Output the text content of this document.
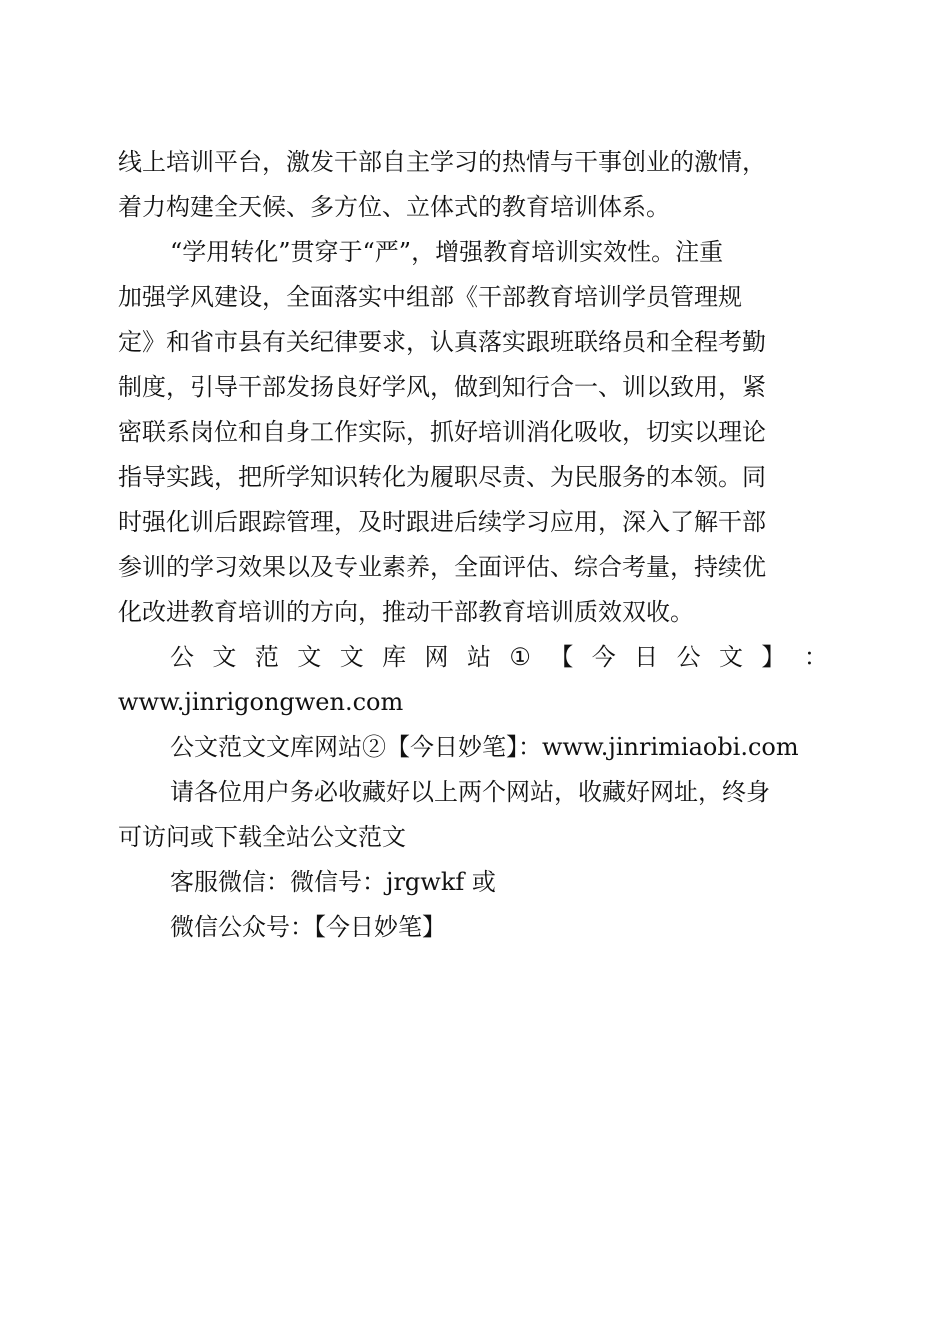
线上培训平台，激发干部自主学习的热情与干事创业的激情，
着力构建全天候、多方位、立体式的教育培训体系。
“学用转化”贯穿于“严”，增强教育培训实效性。注重
加强学风建设，全面落实中组部《干部教育培训学员管理规
定》和省市县有关纪律要求，认真落实跟班联络员和全程考勤
制度，引导干部发扬良好学风，做到知行合一、训以致用，紧
密联系岗位和自身工作实际，抓好培训消化吸收，切实以理论
指导实践，把所学知识转化为履职尽责、为民服务的本领。同
时强化训后跟踪管理，及时跟进后续学习应用，深入了解干部
参训的学习效果以及专业素养，全面评估、综合考量，持续优
化改进教育培训的方向，推动干部教育培训质效双收。
公 文 范 文 文 库 网 站 ① 【 今 日 公 文 】 ：
www.jinrigongwen.com
公文范文文库网站②【今日妙笔】：www.jinrimiaobi.com
请各位用户务必收藏好以上两个网站，收藏好网址，终身
可访问或下载全站公文范文
客服微信：微信号：jrgwkf 或
微信公众号：【今日妙笔】
